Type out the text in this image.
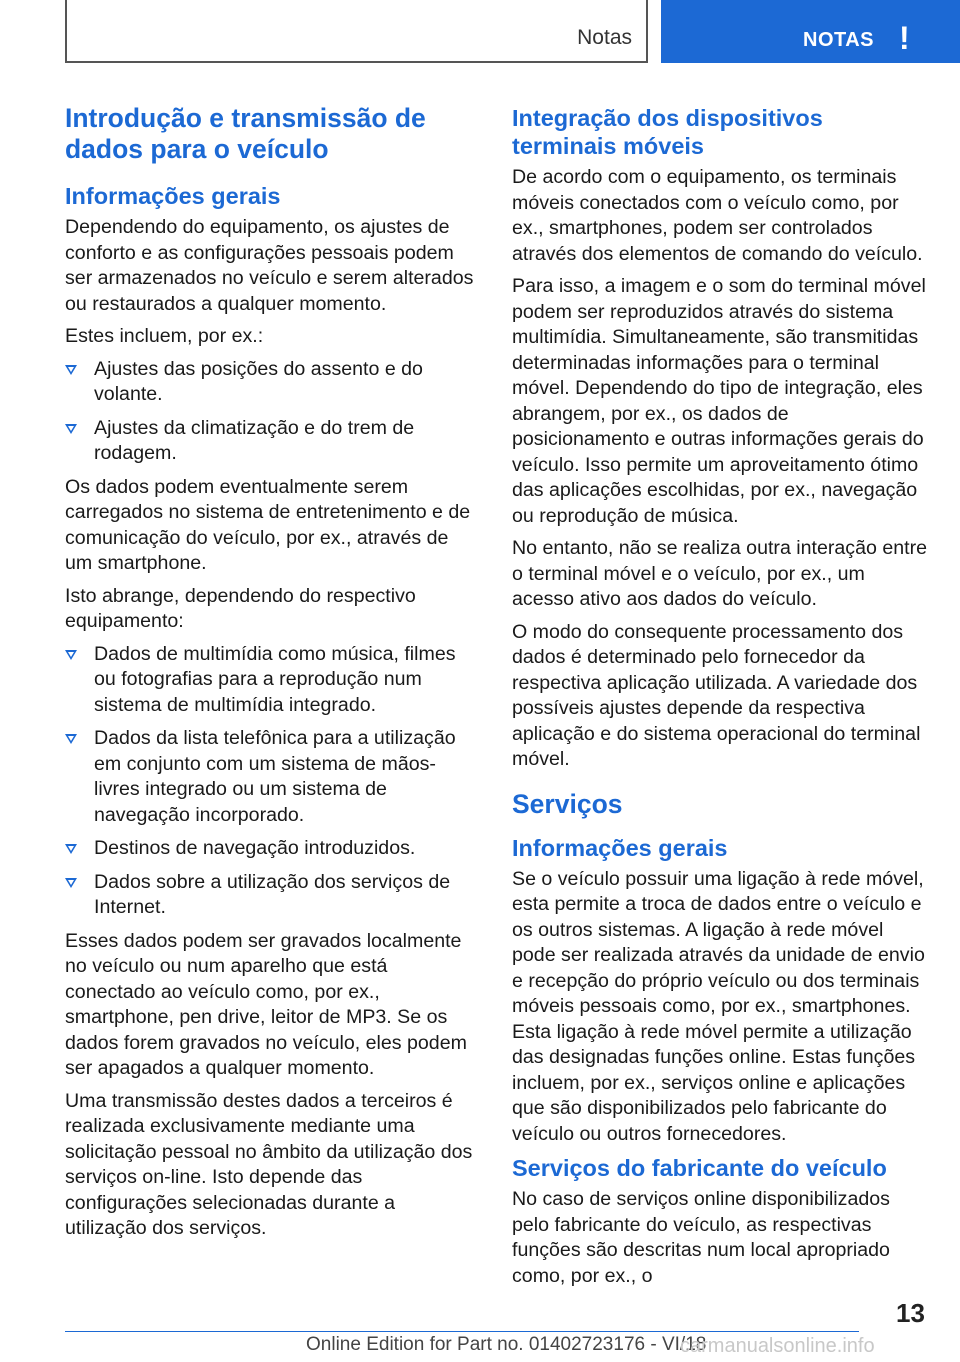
Notas	NOTAS !
Introdução e transmissão de dados para o veículo
Informações gerais

Dependendo do equipamento, os ajustes de conforto e as configurações pessoais podem ser armazenados no veículo e serem alterados ou restaurados a qualquer momento.

Estes incluem, por ex.:

Ajustes das posições do assento e do volante.
Ajustes da climatização e do trem de rodagem.

Os dados podem eventualmente serem carregados no sistema de entretenimento e de comunicação do veículo, por ex., através de um smartphone.

Isto abrange, dependendo do respectivo equipamento:

Dados de multimídia como música, filmes ou fotografias para a reprodução num sistema de multimídia integrado.
Dados da lista telefônica para a utilização em conjunto com um sistema de mãos-livres integrado ou um sistema de navegação incorporado.
Destinos de navegação introduzidos.
Dados sobre a utilização dos serviços de Internet.

Esses dados podem ser gravados localmente no veículo ou num aparelho que está conectado ao veículo como, por ex., smartphone, pen drive, leitor de MP3. Se os dados forem gravados no veículo, eles podem ser apagados a qualquer momento.

Uma transmissão destes dados a terceiros é realizada exclusivamente mediante uma solicitação pessoal no âmbito da utilização dos serviços on-line. Isto depende das configurações selecionadas durante a utilização dos serviços.

Integração dos dispositivos terminais móveis

De acordo com o equipamento, os terminais móveis conectados com o veículo como, por ex., smartphones, podem ser controlados através dos elementos de comando do veículo.

Para isso, a imagem e o som do terminal móvel podem ser reproduzidos através do sistema multimídia. Simultaneamente, são transmitidas determinadas informações para o terminal móvel. Dependendo do tipo de integração, eles abrangem, por ex., os dados de posicionamento e outras informações gerais do veículo. Isso permite um aproveitamento ótimo das aplicações escolhidas, por ex., navegação ou reprodução de música.

No entanto, não se realiza outra interação entre o terminal móvel e o veículo, por ex., um acesso ativo aos dados do veículo.

O modo do consequente processamento dos dados é determinado pelo fornecedor da respectiva aplicação utilizada. A variedade dos possíveis ajustes depende da respectiva aplicação e do sistema operacional do terminal móvel.

Serviços
Informações gerais

Se o veículo possuir uma ligação à rede móvel, esta permite a troca de dados entre o veículo e os outros sistemas. A ligação à rede móvel pode ser realizada através da unidade de envio e recepção do próprio veículo ou dos terminais móveis pessoais como, por ex., smartphones. Esta ligação à rede móvel permite a utilização das designadas funções online. Estas funções incluem, por ex., serviços online e aplicações que são disponibilizados pelo fabricante do veículo ou outros fornecedores.

Serviços do fabricante do veículo

No caso de serviços online disponibilizados pelo fabricante do veículo, as respectivas funções são descritas num local apropriado como, por ex., o

13
Online Edition for Part no. 01402723176 - VI/18
carmanualsonline.info
